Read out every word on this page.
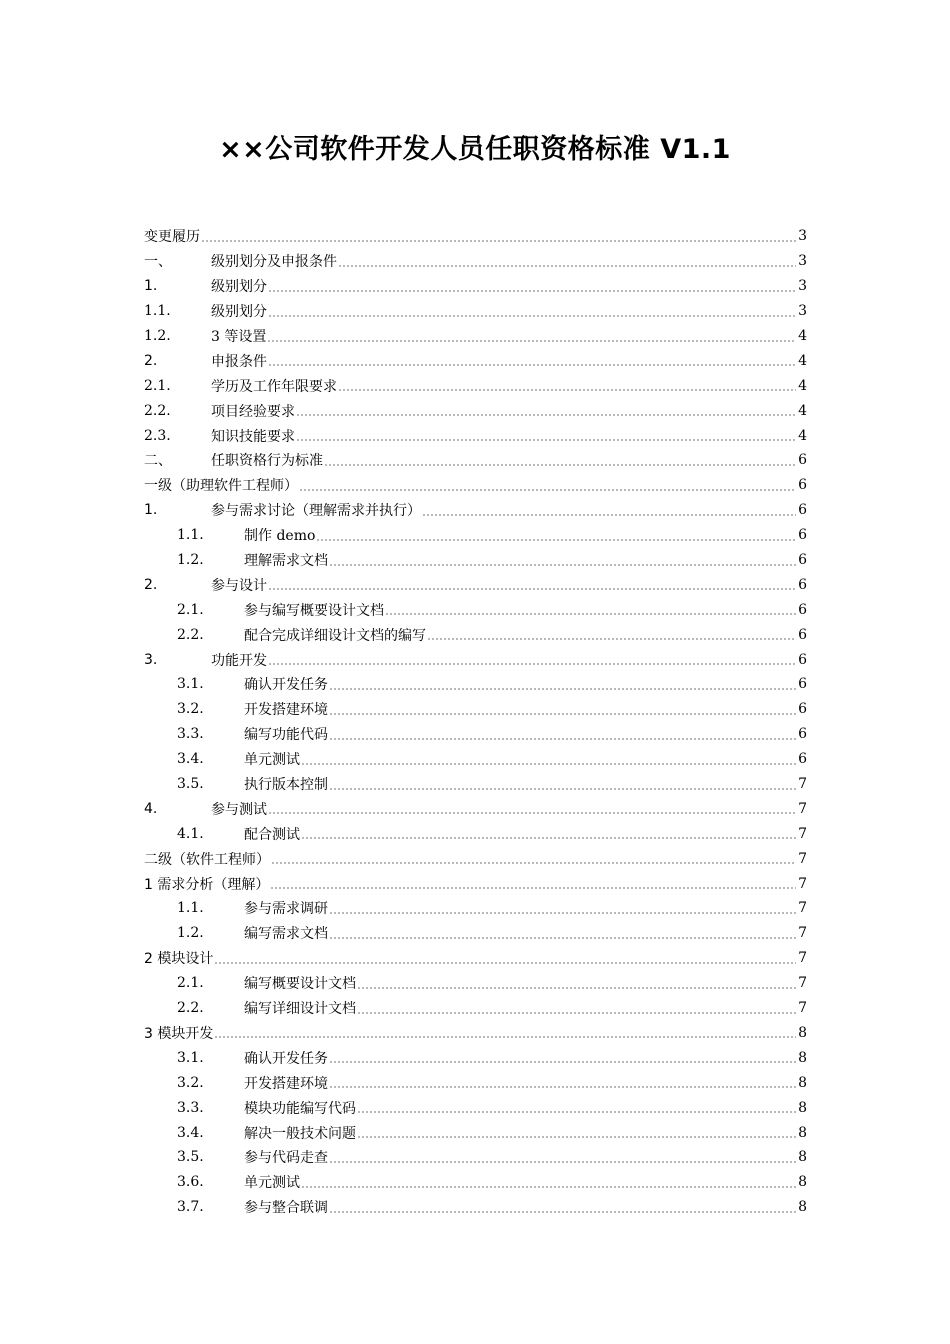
××公司软件开发人员任职资格标准 V1.1
变更履历	3
一、	级别划分及申报条件	3
1.	级别划分	3
1.1.	级别划分	3
1.2.	3 等设置	4
2.	申报条件	4
2.1.	学历及工作年限要求	4
2.2.	项目经验要求	4
2.3.	知识技能要求	4
二、	任职资格行为标准	6
一级（助理软件工程师）	6
1.	参与需求讨论（理解需求并执行）	6
1.1.	制作 demo	6
1.2.	理解需求文档	6
2.	参与设计	6
2.1.	参与编写概要设计文档	6
2.2.	配合完成详细设计文档的编写	6
3.	功能开发	6
3.1.	确认开发任务	6
3.2.	开发搭建环境	6
3.3.	编写功能代码	6
3.4.	单元测试	6
3.5.	执行版本控制	7
4.	参与测试	7
4.1.	配合测试	7
二级（软件工程师）	7
1 需求分析（理解）	7
1.1.	参与需求调研	7
1.2.	编写需求文档	7
2 模块设计	7
2.1.	编写概要设计文档	7
2.2.	编写详细设计文档	7
3 模块开发	8
3.1.	确认开发任务	8
3.2.	开发搭建环境	8
3.3.	模块功能编写代码	8
3.4.	解决一般技术问题	8
3.5.	参与代码走查	8
3.6.	单元测试	8
3.7.	参与整合联调	8
